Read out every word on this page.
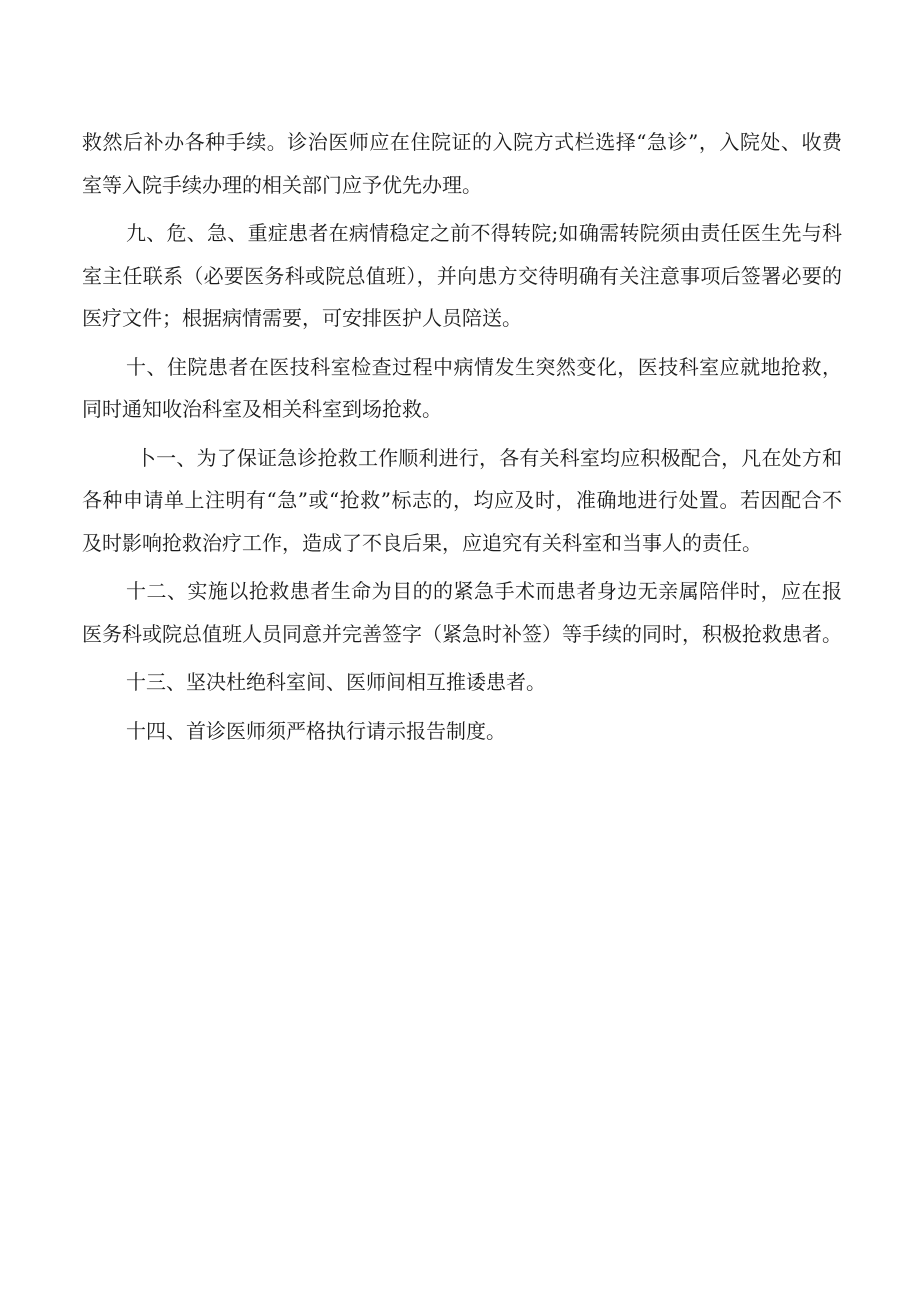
救然后补办各种手续。诊治医师应在住院证的入院方式栏选择“急诊”，入院处、收费室等入院手续办理的相关部门应予优先办理。

九、危、急、重症患者在病情稳定之前不得转院;如确需转院须由责任医生先与科室主任联系（必要医务科或院总值班），并向患方交待明确有关注意事项后签署必要的医疗文件；根据病情需要，可安排医护人员陪送。

十、住院患者在医技科室检查过程中病情发生突然变化，医技科室应就地抢救，同时通知收治科室及相关科室到场抢救。

卜一、为了保证急诊抢救工作顺利进行，各有关科室均应积极配合，凡在处方和各种申请单上注明有“急”或“抢救”标志的，均应及时，准确地进行处置。若因配合不及时影响抢救治疗工作，造成了不良后果，应追究有关科室和当事人的责任。

十二、实施以抢救患者生命为目的的紧急手术而患者身边无亲属陪伴时，应在报医务科或院总值班人员同意并完善签字（紧急时补签）等手续的同时，积极抢救患者。

十三、坚决杜绝科室间、医师间相互推诿患者。

十四、首诊医师须严格执行请示报告制度。
